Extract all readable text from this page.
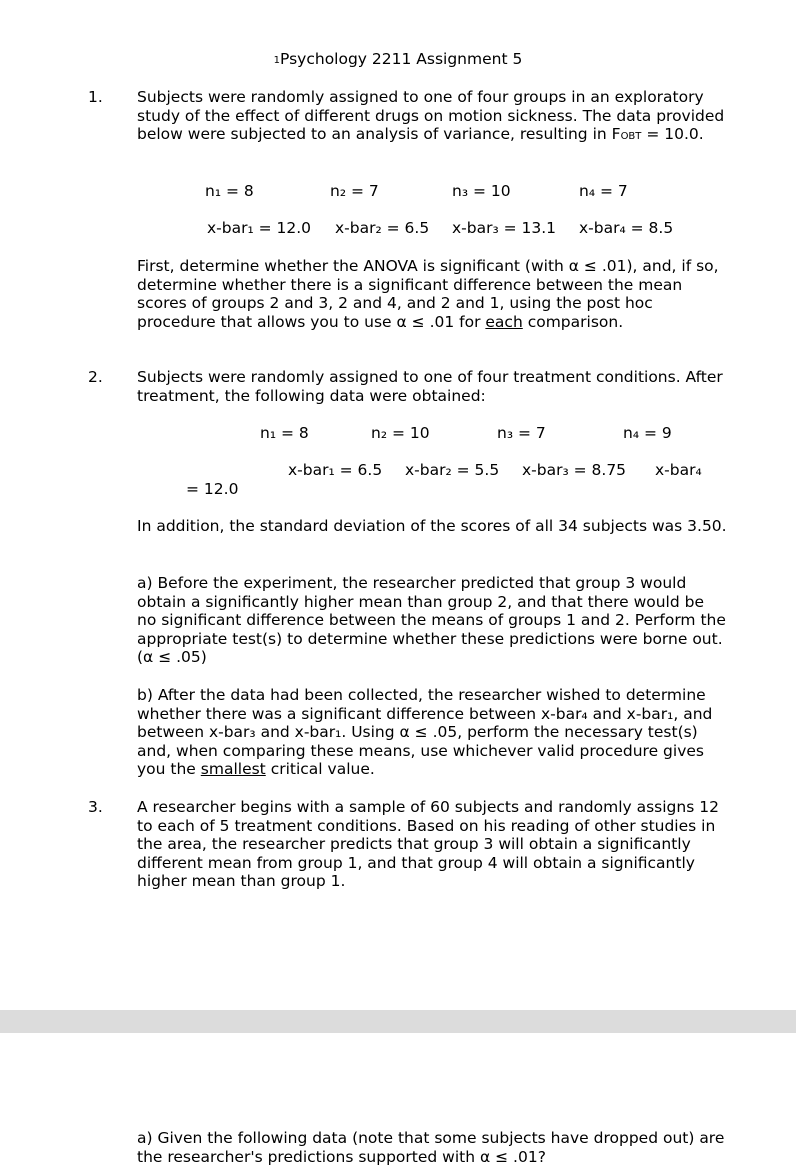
1Psychology 2211 Assignment 5
1. Subjects were randomly assigned to one of four groups in an exploratory study of the effect of different drugs on motion sickness. The data provided below were subjected to an analysis of variance, resulting in FOBT = 10.0.

n₁ = 8	n₂ = 7	n₃ = 10	n₄ = 7
x-bar₁ = 12.0 x-bar₂ = 6.5 x-bar₃ = 13.1 x-bar₄ = 8.5

First, determine whether the ANOVA is significant (with α ≤ .01), and, if so, determine whether there is a significant difference between the mean scores of groups 2 and 3, 2 and 4, and 2 and 1, using the post hoc procedure that allows you to use α ≤ .01 for each comparison.

2. Subjects were randomly assigned to one of four treatment conditions. After treatment, the following data were obtained:

n₁ = 8	n₂ = 10	n₃ = 7	n₄ = 9
x-bar₁ = 6.5 x-bar₂ = 5.5 x-bar₃ = 8.75 x-bar₄
= 12.0

In addition, the standard deviation of the scores of all 34 subjects was 3.50.

a) Before the experiment, the researcher predicted that group 3 would obtain a significantly higher mean than group 2, and that there would be no significant difference between the means of groups 1 and 2. Perform the appropriate test(s) to determine whether these predictions were borne out. (α ≤ .05)

b) After the data had been collected, the researcher wished to determine whether there was a significant difference between x-bar₄ and x-bar₁, and between x-bar₃ and x-bar₁. Using α ≤ .05, perform the necessary test(s) and, when comparing these means, use whichever valid procedure gives you the smallest critical value.

3. A researcher begins with a sample of 60 subjects and randomly assigns 12 to each of 5 treatment conditions. Based on his reading of other studies in the area, the researcher predicts that group 3 will obtain a significantly different mean from group 1, and that group 4 will obtain a significantly higher mean than group 1.

a) Given the following data (note that some subjects have dropped out) are the researcher's predictions supported with α ≤ .01?
